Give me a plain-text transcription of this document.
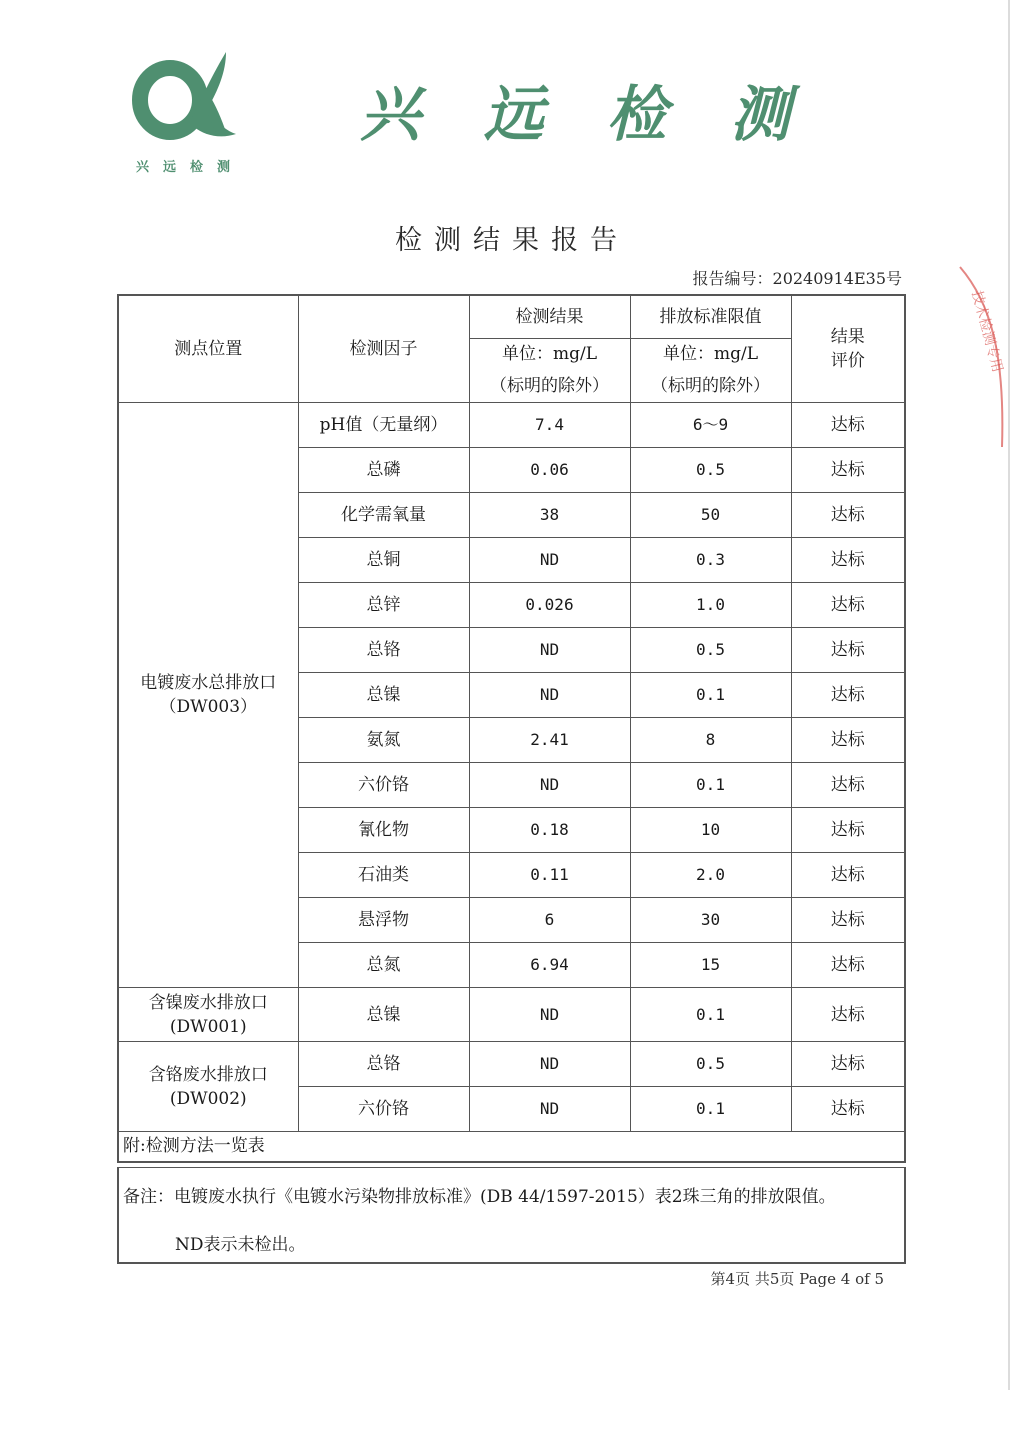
兴远检测
兴 远 检 测
检测结果报告
报告编号：20240914E35号
技术检测专用
测点位置	检测因子	检测结果	排放标准限值	结果
评价

		单位：mg/L	单位：mg/L	
		（标明的除外）	（标明的除外）	

电镀废水总排放口
（DW003）	pH值（无量纲）	7.4	6～9	达标
	总磷	0.06	0.5	达标
	化学需氧量	38	50	达标
	总铜	ND	0.3	达标
	总锌	0.026	1.0	达标
	总铬	ND	0.5	达标
	总镍	ND	0.1	达标
	氨氮	2.41	8	达标
	六价铬	ND	0.1	达标
	氰化物	0.18	10	达标
	石油类	0.11	2.0	达标
	悬浮物	6	30	达标
	总氮	6.94	15	达标

含镍废水排放口
(DW001)	总镍	ND	0.1	达标

含铬废水排放口
(DW002)	总铬	ND	0.5	达标
	六价铬	ND	0.1	达标
附:检测方法一览表				
备注：电镀废水执行《电镀水污染物排放标准》(DB 44/1597-2015）表2珠三角的排放限值。
ND表示未检出。
第4页 共5页 Page 4 of 5
